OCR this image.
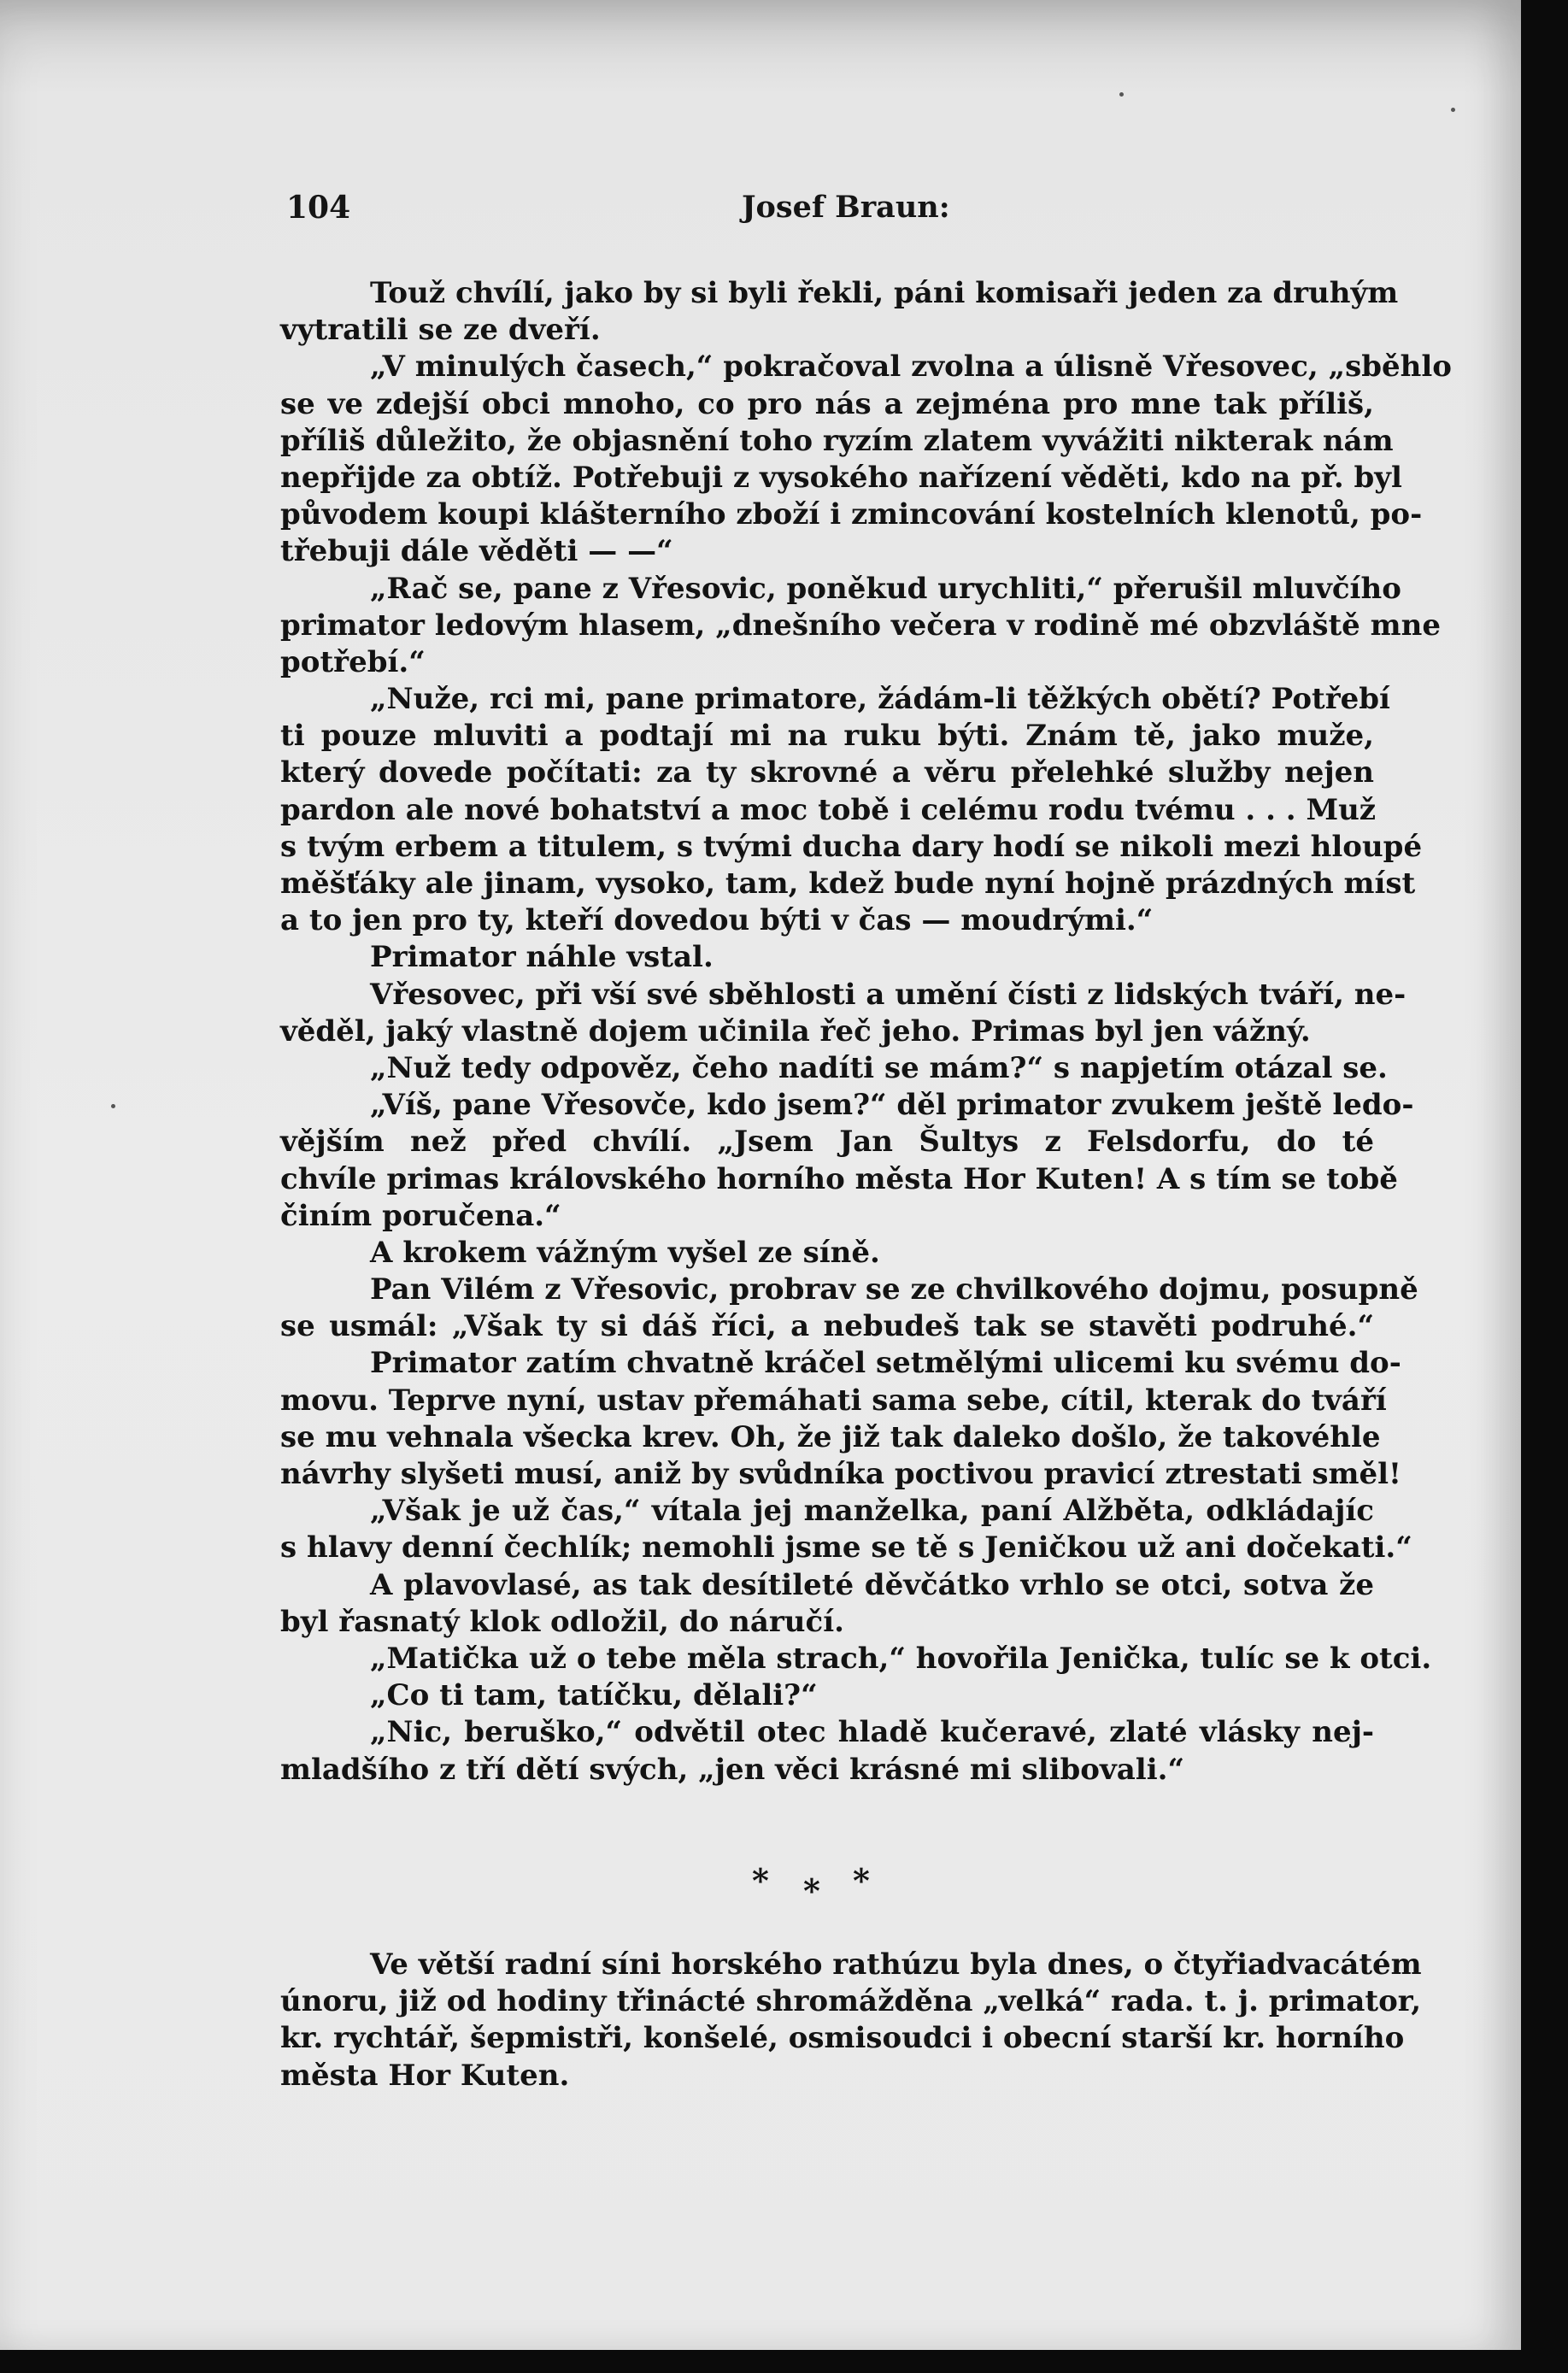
104	Josef Braun:
Touž chvílí, jako by si byli řekli, páni komisaři jeden za druhým
vytratili se ze dveří.
„V minulých časech,“ pokračoval zvolna a úlisně Vřesovec, „sběhlo
se ve zdejší obci mnoho, co pro nás a zejména pro mne tak příliš,
příliš důležito, že objasnění toho ryzím zlatem vyvážiti nikterak nám
nepřijde za obtíž. Potřebuji z vysokého nařízení věděti, kdo na př. byl
původem koupi klášterního zboží i zmincování kostelních klenotů, po-
třebuji dále věděti — —“
„Rač se, pane z Vřesovic, poněkud urychliti,“ přerušil mluvčího
primator ledovým hlasem, „dnešního večera v rodině mé obzvláště mne
potřebí.“
„Nuže, rci mi, pane primatore, žádám-li těžkých obětí? Potřebí
ti pouze mluviti a podtají mi na ruku býti. Znám tě, jako muže,
který dovede počítati: za ty skrovné a věru přelehké služby nejen
pardon ale nové bohatství a moc tobě i celému rodu tvému . . . Muž
s tvým erbem a titulem, s tvými ducha dary hodí se nikoli mezi hloupé
měšťáky ale jinam, vysoko, tam, kdež bude nyní hojně prázdných míst
a to jen pro ty, kteří dovedou býti v čas — moudrými.“
Primator náhle vstal.
Vřesovec, při vší své sběhlosti a umění čísti z lidských tváří, ne-
věděl, jaký vlastně dojem učinila řeč jeho. Primas byl jen vážný.
„Nuž tedy odpověz, čeho nadíti se mám?“ s napjetím otázal se.
„Víš, pane Vřesovče, kdo jsem?“ děl primator zvukem ještě ledo-
vějším než před chvílí. „Jsem Jan Šultys z Felsdorfu, do té
chvíle primas královského horního města Hor Kuten! A s tím se tobě
činím poručena.“
A krokem vážným vyšel ze síně.
Pan Vilém z Vřesovic, probrav se ze chvilkového dojmu, posupně
se usmál: „Však ty si dáš říci, a nebudeš tak se stavěti podruhé.“
Primator zatím chvatně kráčel setmělými ulicemi ku svému do-
movu. Teprve nyní, ustav přemáhati sama sebe, cítil, kterak do tváří
se mu vehnala všecka krev. Oh, že již tak daleko došlo, že takovéhle
návrhy slyšeti musí, aniž by svůdníka poctivou pravicí ztrestati směl!
„Však je už čas,“ vítala jej manželka, paní Alžběta, odkládajíc
s hlavy denní čechlík; nemohli jsme se tě s Jeničkou už ani dočekati.“
A plavovlasé, as tak desítileté děvčátko vrhlo se otci, sotva že
byl řasnatý klok odložil, do náručí.
„Matička už o tebe měla strach,“ hovořila Jenička, tulíc se k otci.
„Co ti tam, tatíčku, dělali?“
„Nic, beruško,“ odvětil otec hladě kučeravé, zlaté vlásky nej-
mladšího z tří dětí svých, „jen věci krásné mi slibovali.“
* * *
Ve větší radní síni horského rathúzu byla dnes, o čtyřiadvacátém
únoru, již od hodiny třinácté shromážděna „velká“ rada. t. j. primator,
kr. rychtář, šepmistři, konšelé, osmisoudci i obecní starší kr. horního
města Hor Kuten.
